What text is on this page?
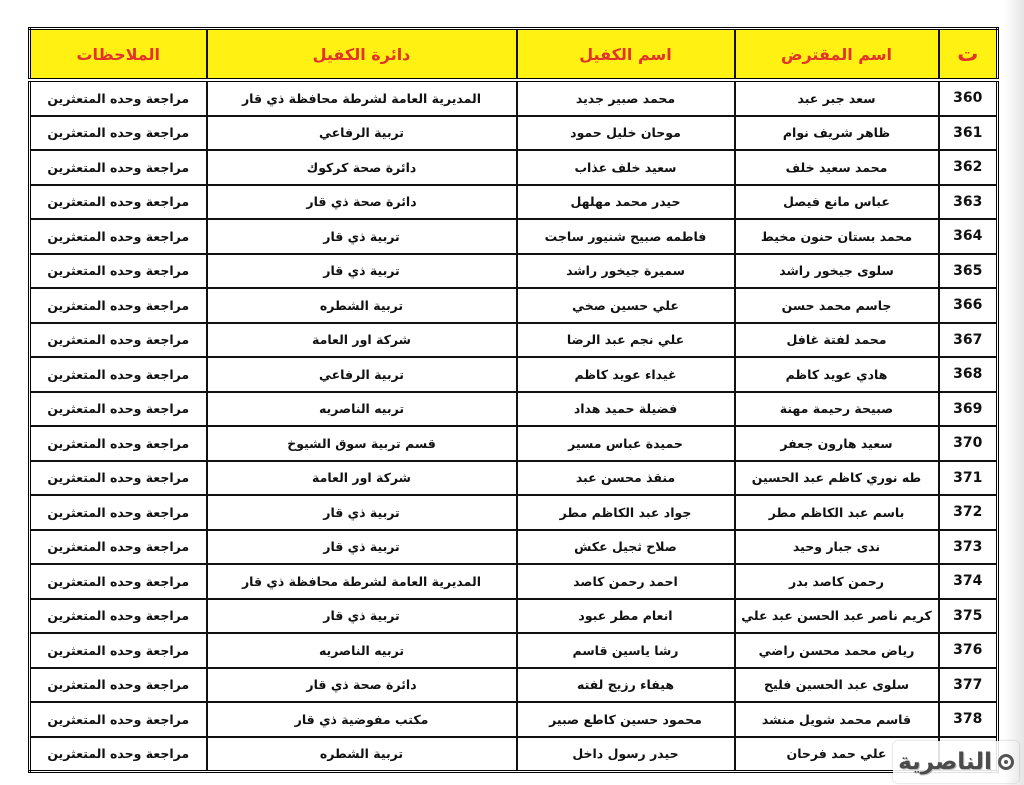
ت	اسم المقترض	اسم الكفيل	دائرة الكفيل	الملاحظات
360	سعد جبر عبد	محمد صبير جديد	المديرية العامة لشرطة محافظة ذي قار	مراجعة وحده المتعثرين
361	ظاهر شريف نوام	موحان خليل حمود	تربية الرفاعي	مراجعة وحده المتعثرين
362	محمد سعيد خلف	سعيد خلف عذاب	دائرة صحة كركوك	مراجعة وحده المتعثرين
363	عباس مانع فيصل	حيدر محمد مهلهل	دائرة صحة ذي قار	مراجعة وحده المتعثرين
364	محمد بستان حنون مخيط	فاطمه صبيح شنيور ساجت	تربية ذي قار	مراجعة وحده المتعثرين
365	سلوى جيخور راشد	سميرة جيخور راشد	تربية ذي قار	مراجعة وحده المتعثرين
366	جاسم محمد حسن	علي حسين صخي	تربية الشطره	مراجعة وحده المتعثرين
367	محمد لفتة غافل	علي نجم عبد الرضا	شركة اور العامة	مراجعة وحده المتعثرين
368	هادي عويد كاظم	غيداء عويد كاظم	تربية الرفاعي	مراجعة وحده المتعثرين
369	صبيحة رحيمة مهنة	فضيلة حميد هداد	تربيه الناصريه	مراجعة وحده المتعثرين
370	سعيد هارون جعفر	حميدة عباس مسير	قسم تربية سوق الشيوخ	مراجعة وحده المتعثرين
371	طه نوري كاظم عبد الحسين	منقذ محسن عبد	شركة اور العامة	مراجعة وحده المتعثرين
372	باسم عبد الكاظم مطر	جواد عبد الكاظم مطر	تربية ذي قار	مراجعة وحده المتعثرين
373	ندى جبار وحيد	صلاح ثجيل عكش	تربية ذي قار	مراجعة وحده المتعثرين
374	رحمن كاصد بدر	احمد رحمن كاصد	المديرية العامة لشرطة محافظة ذي قار	مراجعة وحده المتعثرين
375	كريم ناصر عبد الحسن عبد علي	انعام مطر عبود	تربية ذي قار	مراجعة وحده المتعثرين
376	رياض محمد محسن راضي	رشا ياسين قاسم	تربيه الناصريه	مراجعة وحده المتعثرين
377	سلوى عبد الحسين فليح	هيفاء رزيج لفته	دائرة صحة ذي قار	مراجعة وحده المتعثرين
378	قاسم محمد شويل منشد	محمود حسين كاطع صبير	مكتب مفوضية ذي قار	مراجعة وحده المتعثرين
	علي حمد فرحان	حيدر رسول داخل	تربية الشطره	مراجعة وحده المتعثرين	الناصرية
